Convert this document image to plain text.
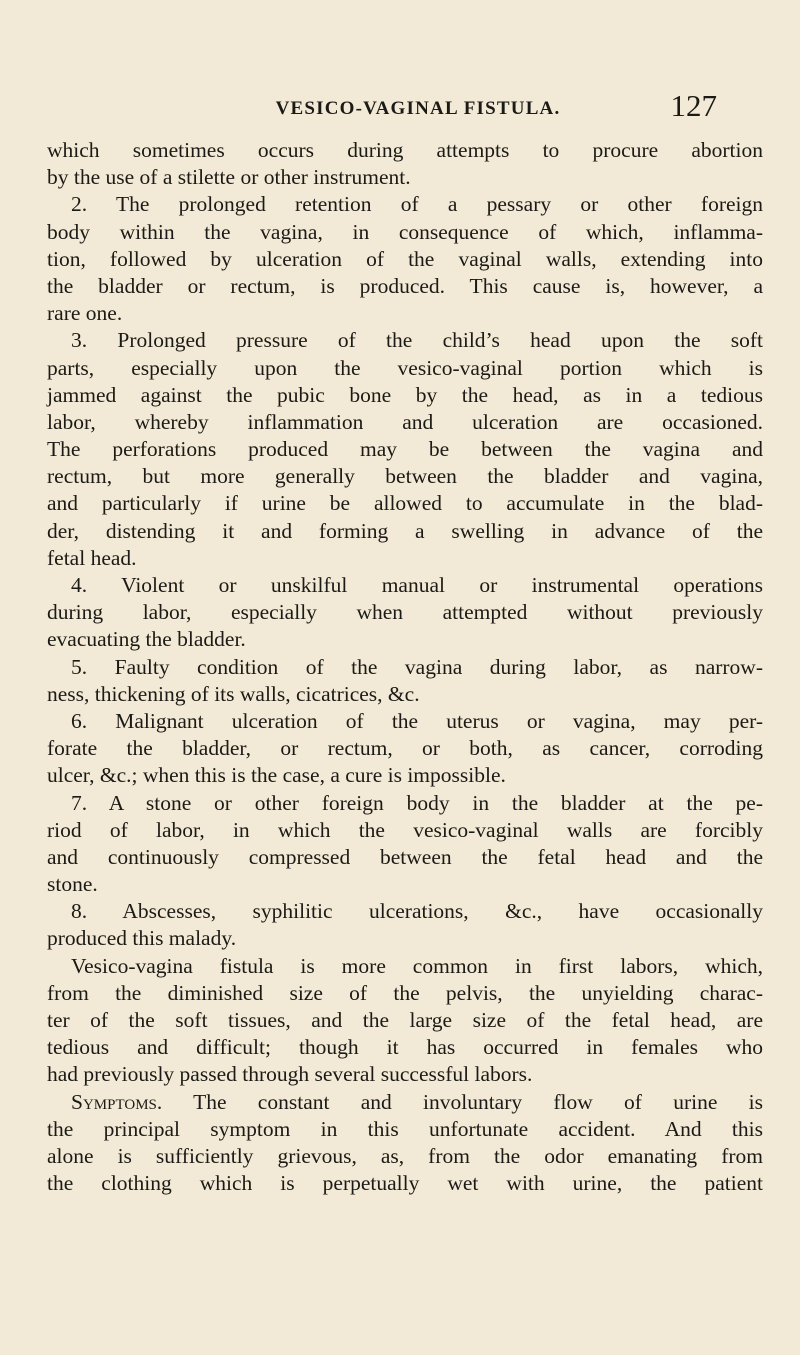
VESICO-VAGINAL FISTULA.	127
which sometimes occurs during attempts to procure abortion
by the use of a stilette or other instrument.
2. The prolonged retention of a pessary or other foreign
body within the vagina, in consequence of which, inflamma-
tion, followed by ulceration of the vaginal walls, extending into
the bladder or rectum, is produced. This cause is, however, a
rare one.
3. Prolonged pressure of the child’s head upon the soft
parts, especially upon the vesico-vaginal portion which is
jammed against the pubic bone by the head, as in a tedious
labor, whereby inflammation and ulceration are occasioned.
The perforations produced may be between the vagina and
rectum, but more generally between the bladder and vagina,
and particularly if urine be allowed to accumulate in the blad-
der, distending it and forming a swelling in advance of the
fetal head.
4. Violent or unskilful manual or instrumental operations
during labor, especially when attempted without previously
evacuating the bladder.
5. Faulty condition of the vagina during labor, as narrow-
ness, thickening of its walls, cicatrices, &c.
6. Malignant ulceration of the uterus or vagina, may per-
forate the bladder, or rectum, or both, as cancer, corroding
ulcer, &c.; when this is the case, a cure is impossible.
7. A stone or other foreign body in the bladder at the pe-
riod of labor, in which the vesico-vaginal walls are forcibly
and continuously compressed between the fetal head and the
stone.
8. Abscesses, syphilitic ulcerations, &c., have occasionally
produced this malady.
Vesico-vagina fistula is more common in first labors, which,
from the diminished size of the pelvis, the unyielding charac-
ter of the soft tissues, and the large size of the fetal head, are
tedious and difficult; though it has occurred in females who
had previously passed through several successful labors.
Symptoms. The constant and involuntary flow of urine is
the principal symptom in this unfortunate accident. And this
alone is sufficiently grievous, as, from the odor emanating from
the clothing which is perpetually wet with urine, the patient
